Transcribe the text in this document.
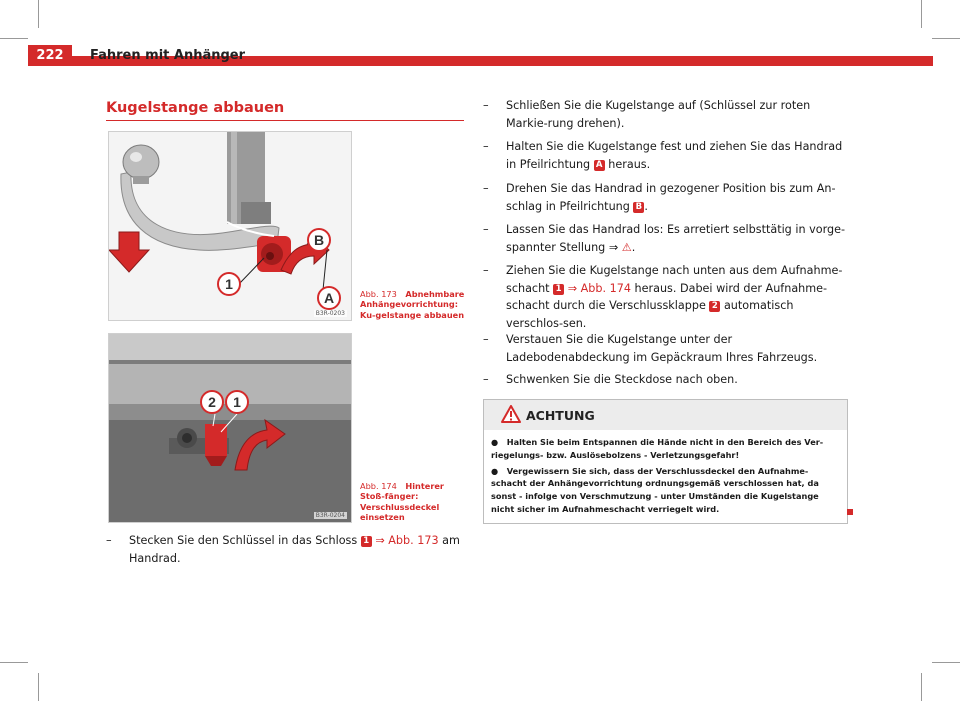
222	Fahren mit Anhänger
Kugelstange abbauen
1
A
B
B3R-0203
Abb. 173 Abnehmbare Anhängevorrichtung: Ku-gelstange abbauen
2 1
B3R-0204
Abb. 174 Hinterer Stoß-fänger: Verschlussdeckel einsetzen
– Stecken Sie den Schlüssel in das Schloss 1 ⇒ Abb. 173 am Handrad.
– Schließen Sie die Kugelstange auf (Schlüssel zur roten Markie-rung drehen).
– Halten Sie die Kugelstange fest und ziehen Sie das Handrad in Pfeilrichtung A heraus.
– Drehen Sie das Handrad in gezogener Position bis zum An-schlag in Pfeilrichtung B .
– Lassen Sie das Handrad los: Es arretiert selbsttätig in vorge-spannter Stellung ⇒ ⚠.
– Ziehen Sie die Kugelstange nach unten aus dem Aufnahme-schacht 1 ⇒ Abb. 174 heraus. Dabei wird der Aufnahme-schacht durch die Verschlussklappe 2 automatisch verschlos-sen.
– Verstauen Sie die Kugelstange unter der Ladebodenabdeckung im Gepäckraum Ihres Fahrzeugs.
– Schwenken Sie die Steckdose nach oben.
ACHTUNG

● Halten Sie beim Entspannen die Hände nicht in den Bereich des Ver-riegelungs- bzw. Auslösebolzens - Verletzungsgefahr!

● Vergewissern Sie sich, dass der Verschlussdeckel den Aufnahme-schacht der Anhängevorrichtung ordnungsgemäß verschlossen hat, da sonst - infolge von Verschmutzung - unter Umständen die Kugelstange nicht sicher im Aufnahmeschacht verriegelt wird.
